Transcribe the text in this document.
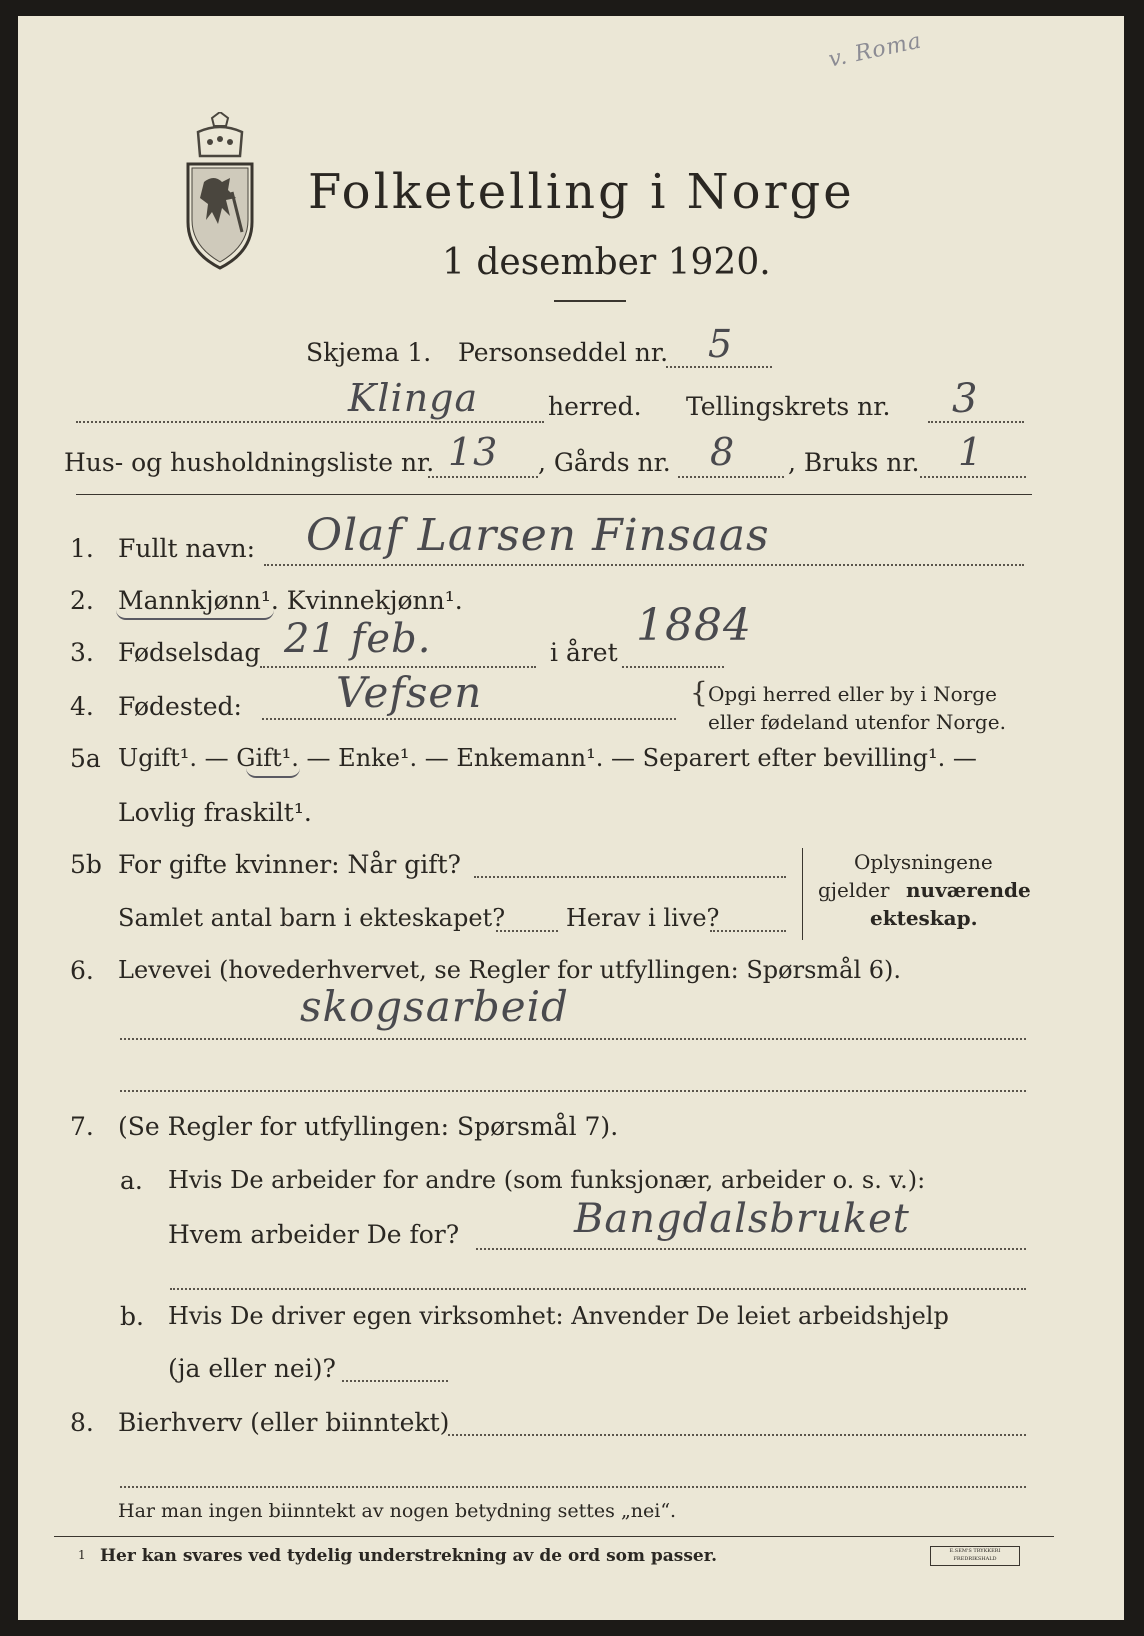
v. Roma
Folketelling i Norge
1 desember 1920.
Skjema 1. Personseddel nr. 5
Klinga	herred. Tellingskrets nr. 3
Hus- og husholdningsliste nr. 13 , Gårds nr. 8 , Bruks nr. 1
1. Fullt navn: Olaf Larsen Finsaas
2. Mannkjønn¹. Kvinnekjønn¹.
3. Fødselsdag 21 feb.	i året
1884
4. Fødested: Vefsen	{ Opgi herred eller by i Norge
eller fødeland utenfor Norge.
5a Ugift¹. — Gift¹. — Enke¹. — Enkemann¹. — Separert efter bevilling¹. —
Lovlig fraskilt¹.
5b For gifte kvinner: Når gift?
Samlet antal barn i ekteskapet?	Herav i live?
Oplysningene
gjelder nuværende
ekteskap.
6. Levevei (hovederhvervet, se Regler for utfyllingen: Spørsmål 6).
skogsarbeid
7. (Se Regler for utfyllingen: Spørsmål 7).
a. Hvis De arbeider for andre (som funksjonær, arbeider o. s. v.):
Hvem arbeider De for?	Bangdalsbruket
b. Hvis De driver egen virksomhet: Anvender De leiet arbeidshjelp
(ja eller nei)?
8. Bierhverv (eller biinntekt)
Har man ingen biinntekt av nogen betydning settes „nei“.
1 Her kan svares ved tydelig understrekning av de ord som passer.	E.SEM'S TRYKKERI FREDRIKSHALD
